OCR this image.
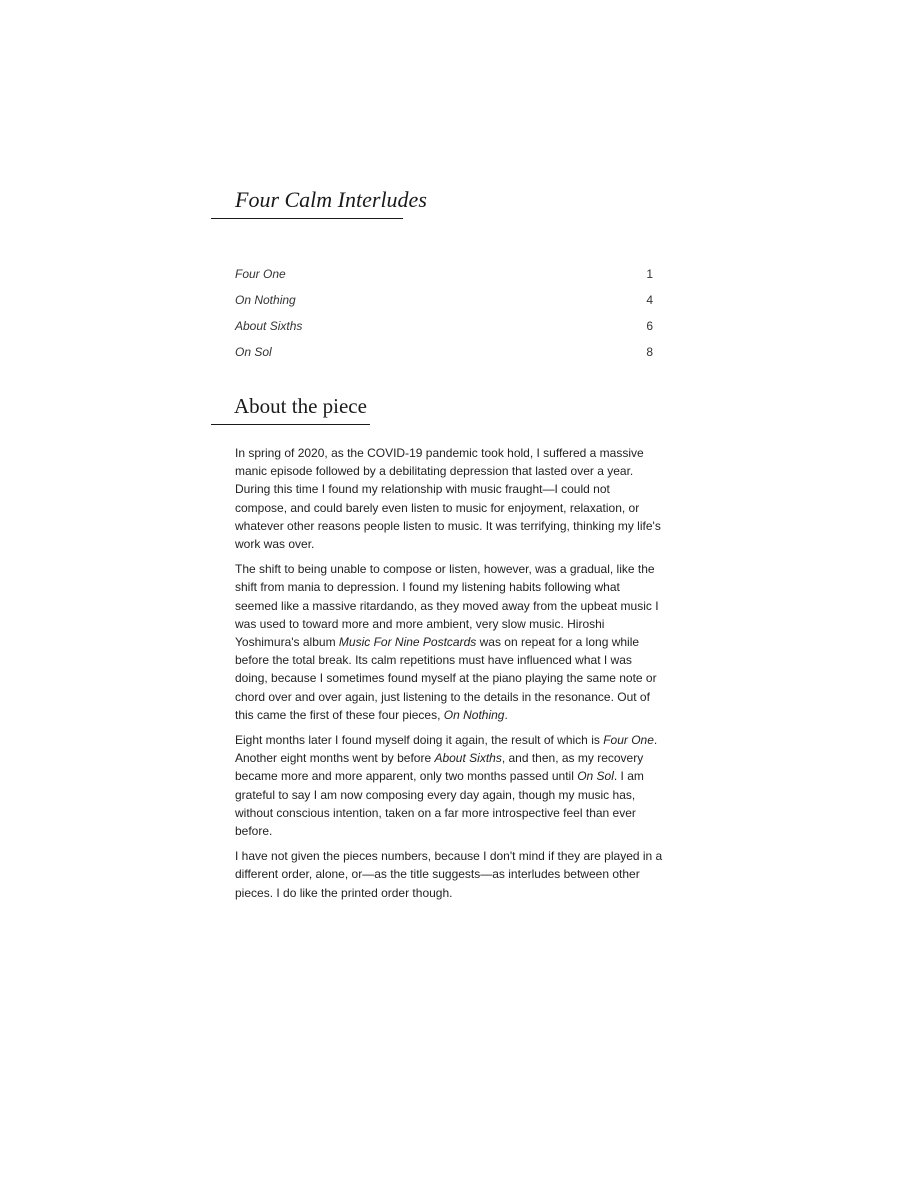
Four Calm Interludes
Four One	1
On Nothing	4
About Sixths	6
On Sol	8
About the piece

In spring of 2020, as the COVID-19 pandemic took hold, I suffered a massive manic episode followed by a debilitating depression that lasted over a year. During this time I found my relationship with music fraught—I could not compose, and could barely even listen to music for enjoyment, relaxation, or whatever other reasons people listen to music. It was terrifying, thinking my life's work was over.

The shift to being unable to compose or listen, however, was a gradual, like the shift from mania to depression. I found my listening habits following what seemed like a massive ritardando, as they moved away from the upbeat music I was used to toward more and more ambient, very slow music. Hiroshi Yoshimura's album Music For Nine Postcards was on repeat for a long while before the total break. Its calm repetitions must have influenced what I was doing, because I sometimes found myself at the piano playing the same note or chord over and over again, just listening to the details in the resonance. Out of this came the first of these four pieces, On Nothing.

Eight months later I found myself doing it again, the result of which is Four One. Another eight months went by before About Sixths, and then, as my recovery became more and more apparent, only two months passed until On Sol. I am grateful to say I am now composing every day again, though my music has, without conscious intention, taken on a far more introspective feel than ever before.

I have not given the pieces numbers, because I don't mind if they are played in a different order, alone, or—as the title suggests—as interludes between other pieces. I do like the printed order though.
